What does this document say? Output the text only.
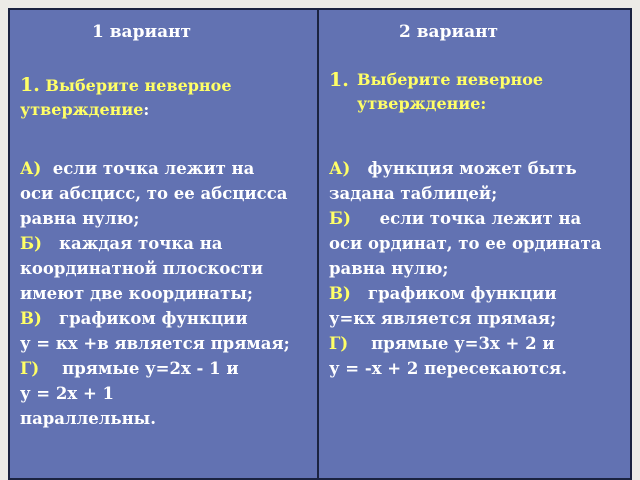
1 вариант
1. Выберите неверное утверждение:
А)  если точка лежит на
оси абсцисс, то ее абсцисса
равна нулю;
Б)   каждая точка на
координатной плоскости
имеют две координаты;
В)   графиком функции
у = кх +в является прямая;
Г)    прямые у=2х - 1 и
у = 2х + 1
параллельны.
2 вариант
1. Выберите неверное утверждение:
А)   функция может быть
задана таблицей;
Б)     если точка лежит на
оси ординат, то ее ордината
равна нулю;
В)   графиком функции
у=кх является прямая;
Г)    прямые у=3х + 2 и
у = -х + 2 пересекаются.
